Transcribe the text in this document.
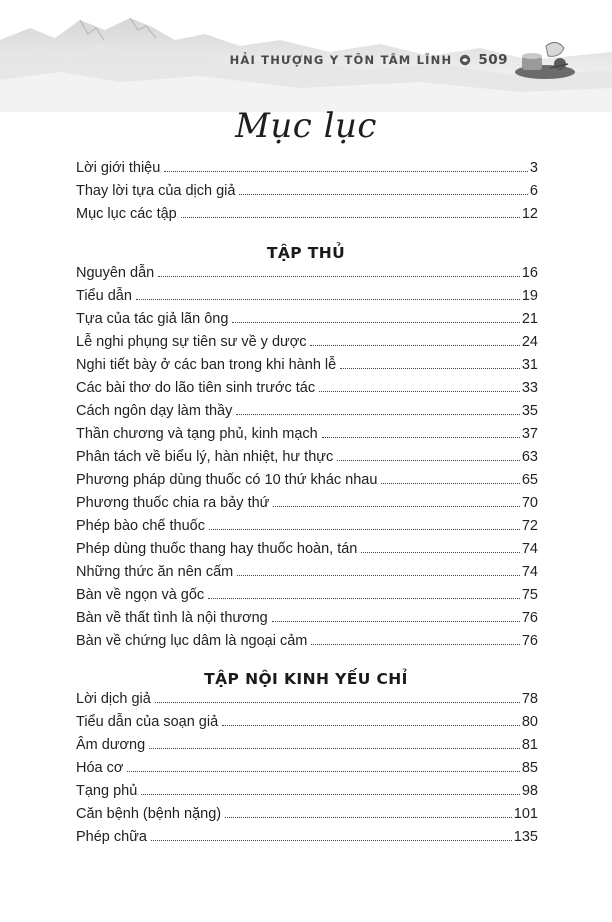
HẢI THƯỢNG Y TÔN TÂM LĨNH 509
Mục lục
Lời giới thiệu	3
Thay lời tựa của dịch giả	6
Mục lục các tập	12
TẬP THỦ
Nguyên dẫn	16
Tiểu dẫn	19
Tựa của tác giả lãn ông	21
Lễ nghi phụng sự tiên sư về y dược	24
Nghi tiết bày ở các ban trong khi hành lễ	31
Các bài thơ do lão tiên sinh trước tác	33
Cách ngôn dạy làm thầy	35
Thần chương và tạng phủ, kinh mạch	37
Phân tách về biểu lý, hàn nhiệt, hư thực	63
Phương pháp dùng thuốc có 10 thứ khác nhau	65
Phương thuốc chia ra bảy thứ	70
Phép bào chế thuốc	72
Phép dùng thuốc thang hay thuốc hoàn, tán	74
Những thức ăn nên cấm	74
Bàn về ngọn và gốc	75
Bàn về thất tình là nội thương	76
Bàn về chứng lục dâm là ngoại cảm	76
TẬP NỘI KINH YẾU CHỈ
Lời dịch giả	78
Tiểu dẫn của soạn giả	80
Âm dương	81
Hóa cơ	85
Tạng phủ	98
Căn bệnh (bệnh nặng)	101
Phép chữa	135
